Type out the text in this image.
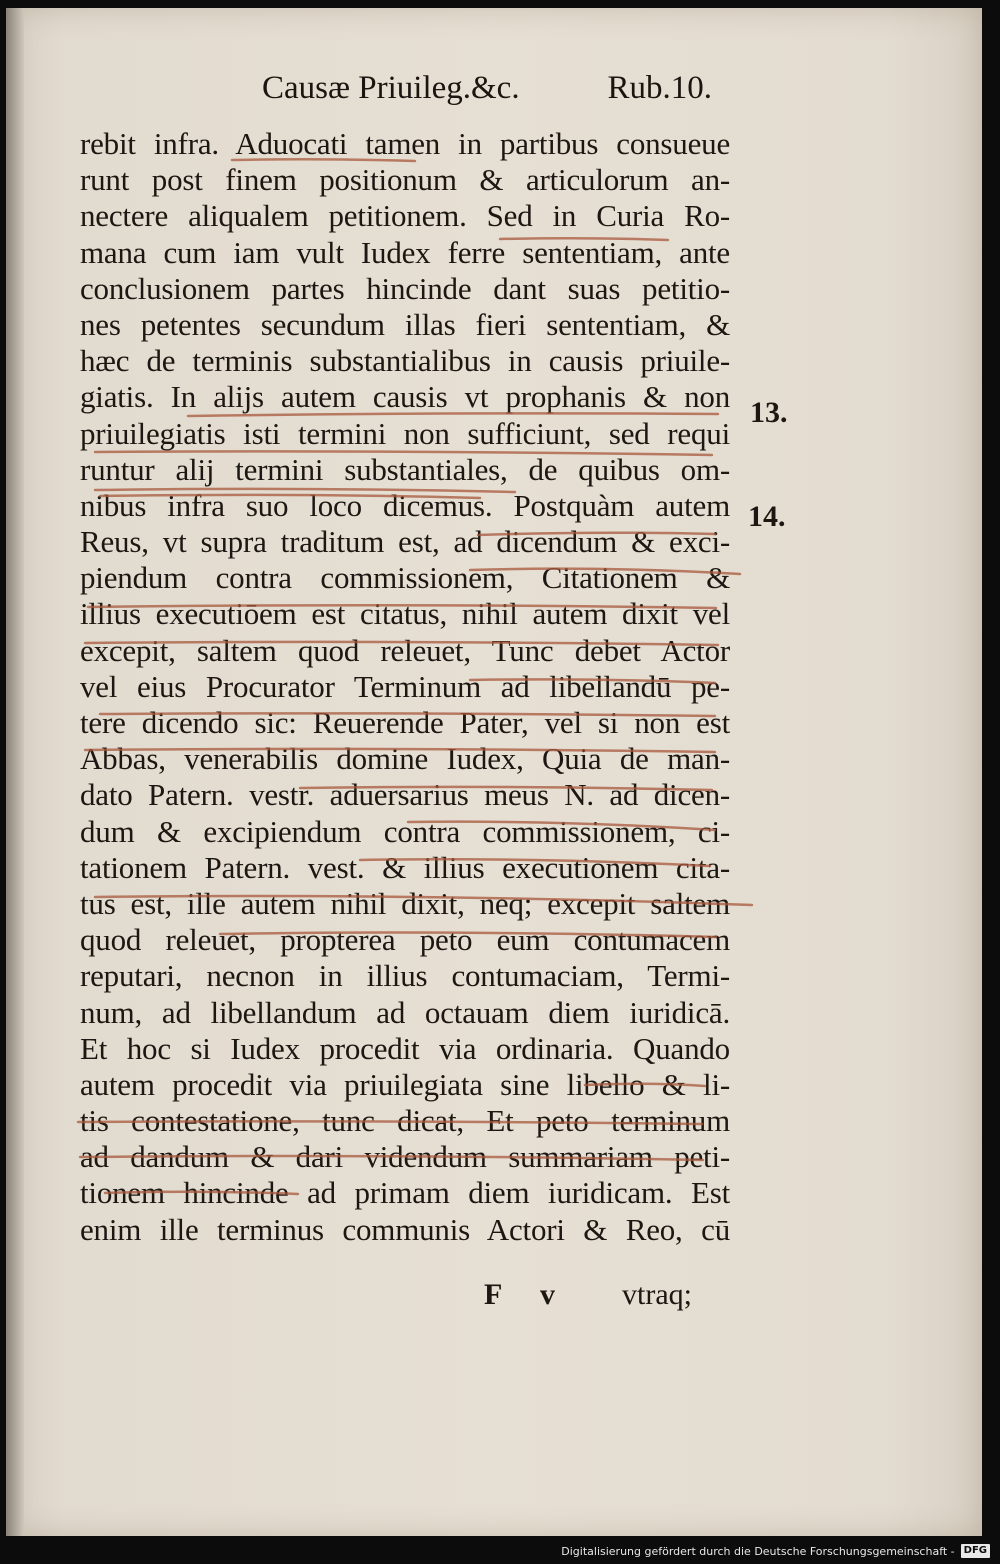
Causæ Priuileg.&c.	Rub.10.
rebit infra. Aduocati tamen in partibus consueue
runt post finem positionum & articulorum an-
nectere aliqualem petitionem. Sed in Curia Ro-
mana cum iam vult Iudex ferre sententiam, ante
conclusionem partes hincinde dant suas petitio-
nes petentes secundum illas fieri sententiam, &
hæc de terminis substantialibus in causis priuile-
giatis. In alijs autem causis vt prophanis & non
priuilegiatis isti termini non sufficiunt, sed requi
runtur alij termini substantiales, de quibus om-
nibus infra suo loco dicemus. Postquàm autem
Reus, vt supra traditum est, ad dicendum & exci-
piendum contra commissionem, Citationem &
illius executiōem est citatus, nihil autem dixit vel
excepit, saltem quod releuet, Tunc debet Actor
vel eius Procurator Terminum ad libellandū pe-
tere dicendo sic: Reuerende Pater, vel si non est
Abbas, venerabilis domine Iudex, Quia de man-
dato Patern. vestr. aduersarius meus N. ad dicen-
dum & excipiendum contra commissionem, ci-
tationem Patern. vest. & illius executionem cita-
tus est, ille autem nihil dixit, neq; excepit saltem
quod releuet, propterea peto eum contumacem
reputari, necnon in illius contumaciam, Termi-
num, ad libellandum ad octauam diem iuridicā.
Et hoc si Iudex procedit via ordinaria. Quando
autem procedit via priuilegiata sine libello & li-
tis contestatione, tunc dicat, Et peto terminum
ad dandum & dari videndum summariam peti-
tionem hincinde ad primam diem iuridicam. Est
enim ille terminus communis Actori & Reo, cū
13.
14.
F v vtraq;
Digitalisierung gefördert durch die Deutsche Forschungsgemeinschaft - DFG
